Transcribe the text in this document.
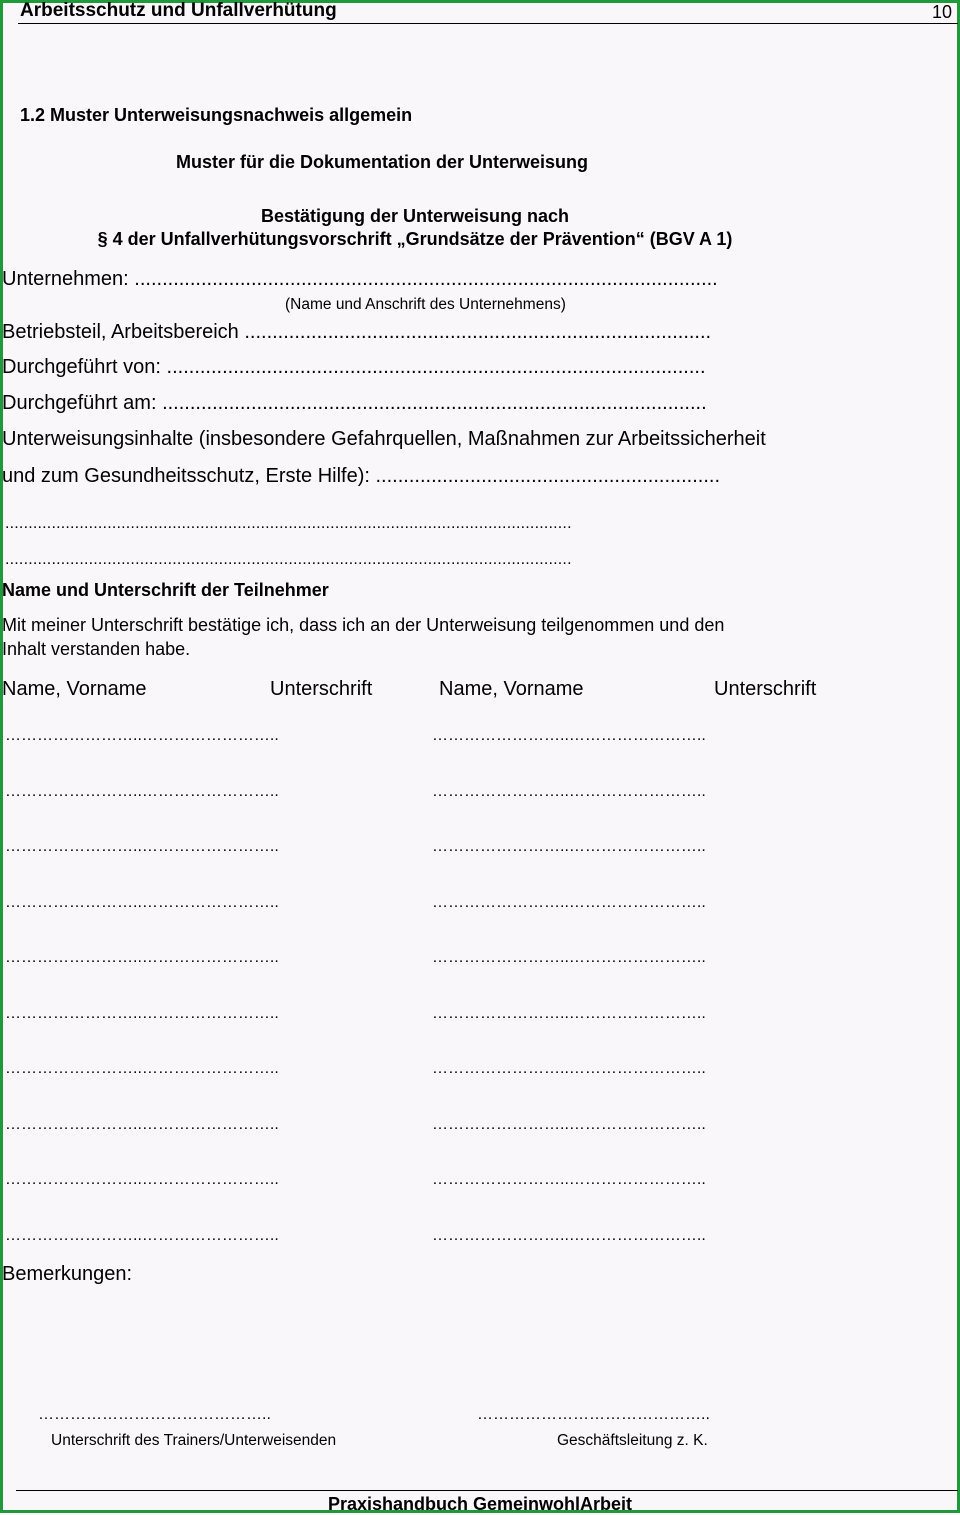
Arbeitsschutz und Unfallverhütung	10
1.2 Muster Unterweisungsnachweis allgemein
Muster für die Dokumentation der Unterweisung
Bestätigung der Unterweisung nach
§ 4 der Unfallverhütungsvorschrift „Grundsätze der Prävention“ (BGV A 1)
Unternehmen: .........................................................................................................
(Name und Anschrift des Unternehmens)
Betriebsteil, Arbeitsbereich ....................................................................................
Durchgeführt von: .................................................................................................
Durchgeführt am: ..................................................................................................
Unterweisungsinhalte (insbesondere Gefahrquellen, Maßnahmen zur Arbeitssicherheit
und zum Gesundheitsschutz, Erste Hilfe): ..............................................................
..........................................................................................................................
..........................................................................................................................
Name und Unterschrift der Teilnehmer
Mit meiner Unterschrift bestätige ich, dass ich an der Unterweisung teilgenommen und den
Inhalt verstanden habe.
Name, Vorname	Unterschrift	Name, Vorname	Unterschrift
……………………..……………………..	……………………..……………………..
……………………..……………………..	……………………..……………………..
……………………..……………………..	……………………..……………………..
……………………..……………………..	……………………..……………………..
……………………..……………………..	……………………..……………………..
……………………..……………………..	……………………..……………………..
……………………..……………………..	……………………..……………………..
……………………..……………………..	……………………..……………………..
……………………..……………………..	……………………..……………………..
……………………..……………………..	……………………..……………………..
Bemerkungen:
……………………………………..	……………………………………..
Unterschrift des Trainers/Unterweisenden	Geschäftsleitung z. K.
Praxishandbuch GemeinwohlArbeit
